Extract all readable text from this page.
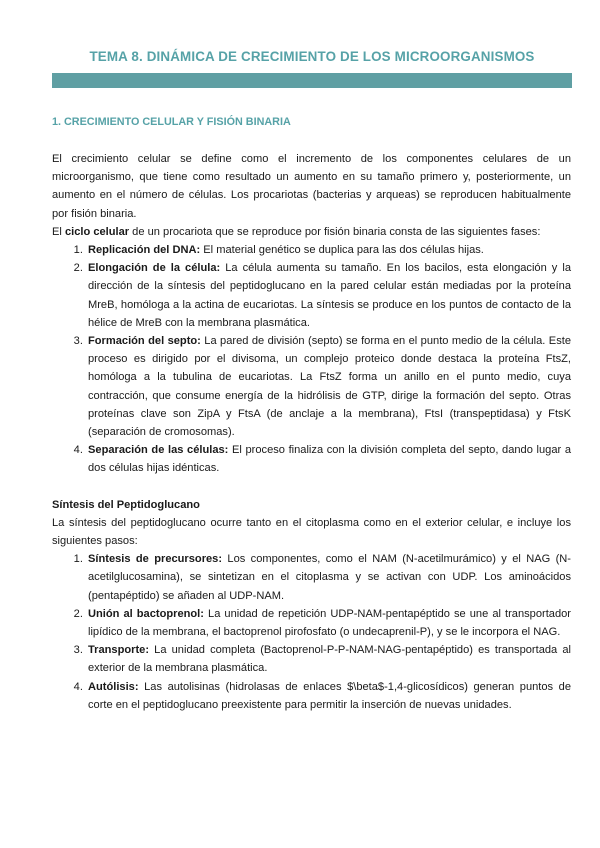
TEMA 8. DINÁMICA DE CRECIMIENTO DE LOS MICROORGANISMOS
1. CRECIMIENTO CELULAR Y FISIÓN BINARIA

El crecimiento celular se define como el incremento de los componentes celulares de un microorganismo, que tiene como resultado un aumento en su tamaño primero y, posteriormente, un aumento en el número de células. Los procariotas (bacterias y arqueas) se reproducen habitualmente por fisión binaria.

El ciclo celular de un procariota que se reproduce por fisión binaria consta de las siguientes fases:

1. Replicación del DNA: El material genético se duplica para las dos células hijas.
2. Elongación de la célula: La célula aumenta su tamaño. En los bacilos, esta elongación y la dirección de la síntesis del peptidoglucano en la pared celular están mediadas por la proteína MreB, homóloga a la actina de eucariotas. La síntesis se produce en los puntos de contacto de la hélice de MreB con la membrana plasmática.
3. Formación del septo: La pared de división (septo) se forma en el punto medio de la célula. Este proceso es dirigido por el divisoma, un complejo proteico donde destaca la proteína FtsZ, homóloga a la tubulina de eucariotas. La FtsZ forma un anillo en el punto medio, cuya contracción, que consume energía de la hidrólisis de GTP, dirige la formación del septo. Otras proteínas clave son ZipA y FtsA (de anclaje a la membrana), FtsI (transpeptidasa) y FtsK (separación de cromosomas).
4. Separación de las células: El proceso finaliza con la división completa del septo, dando lugar a dos células hijas idénticas.

Síntesis del Peptidoglucano

La síntesis del peptidoglucano ocurre tanto en el citoplasma como en el exterior celular, e incluye los siguientes pasos:

1. Síntesis de precursores: Los componentes, como el NAM (N-acetilmurámico) y el NAG (N-acetilglucosamina), se sintetizan en el citoplasma y se activan con UDP. Los aminoácidos (pentapéptido) se añaden al UDP-NAM.
2. Unión al bactoprenol: La unidad de repetición UDP-NAM-pentapéptido se une al transportador lipídico de la membrana, el bactoprenol pirofosfato (o undecaprenil-P), y se le incorpora el NAG.
3. Transporte: La unidad completa (Bactoprenol-P-P-NAM-NAG-pentapéptido) es transportada al exterior de la membrana plasmática.
4. Autólisis: Las autolisinas (hidrolasas de enlaces $\beta$-1,4-glicosídicos) generan puntos de corte en el peptidoglucano preexistente para permitir la inserción de nuevas unidades.
